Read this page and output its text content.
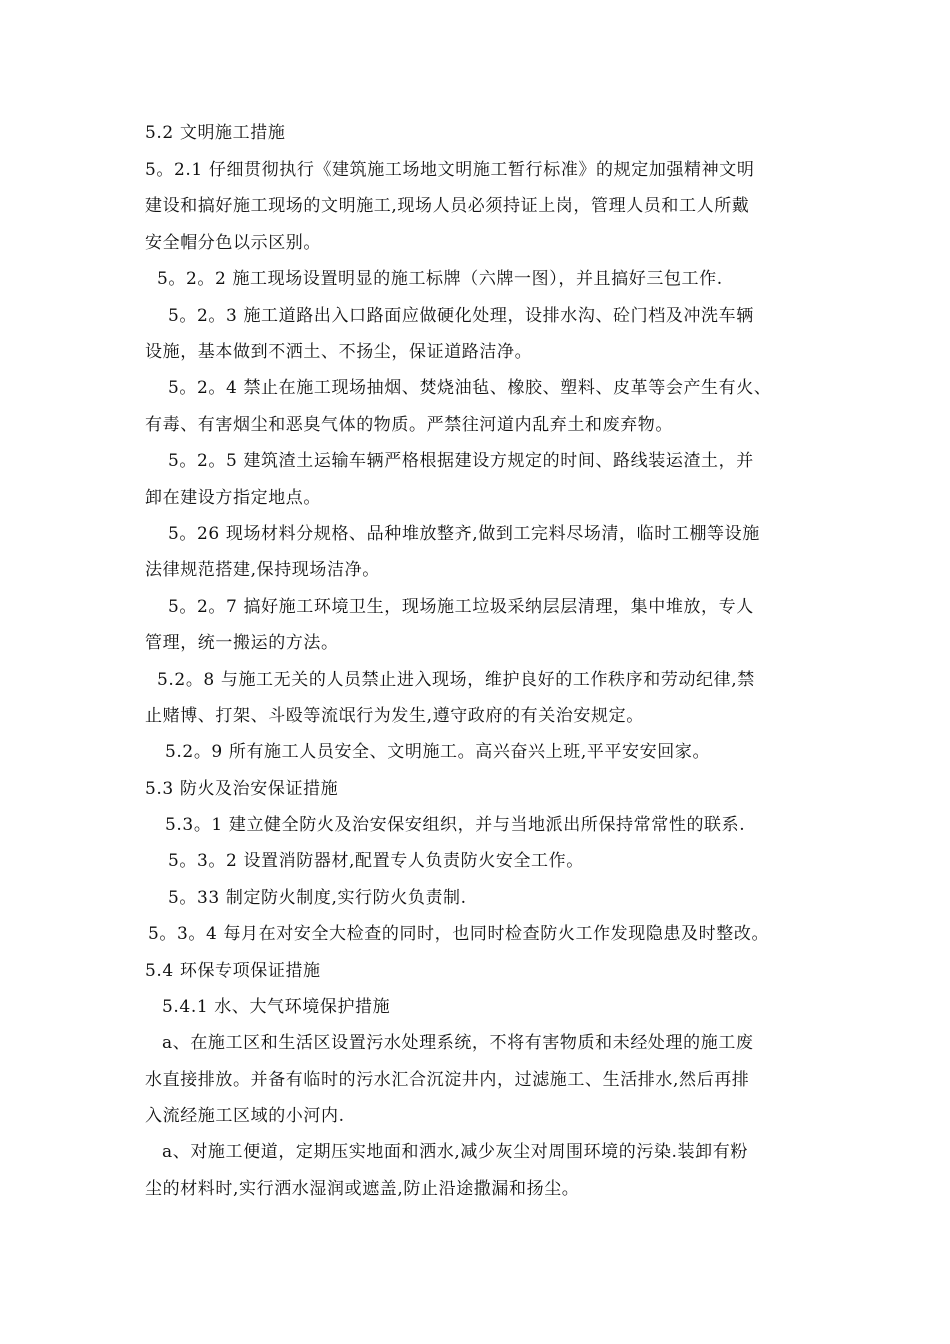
5.2 文明施工措施
5。2.1 仔细贯彻执行《建筑施工场地文明施工暂行标准》的规定加强精神文明
建设和搞好施工现场的文明施工,现场人员必须持证上岗，管理人员和工人所戴
安全帽分色以示区别。
5。2。2 施工现场设置明显的施工标牌（六牌一图），并且搞好三包工作.
5。2。3 施工道路出入口路面应做硬化处理，设排水沟、砼门档及冲洗车辆
设施，基本做到不洒土、不扬尘，保证道路洁净。
5。2。4 禁止在施工现场抽烟、焚烧油毡、橡胶、塑料、皮革等会产生有火、
有毒、有害烟尘和恶臭气体的物质。严禁往河道内乱弃土和废弃物。
5。2。5 建筑渣土运输车辆严格根据建设方规定的时间、路线装运渣土，并
卸在建设方指定地点。
5。26 现场材料分规格、品种堆放整齐,做到工完料尽场清，临时工棚等设施
法律规范搭建,保持现场洁净。
5。2。7 搞好施工环境卫生，现场施工垃圾采纳层层清理，集中堆放，专人
管理，统一搬运的方法。
5.2。8 与施工无关的人员禁止进入现场，维护良好的工作秩序和劳动纪律,禁
止赌博、打架、斗殴等流氓行为发生,遵守政府的有关治安规定。
5.2。9 所有施工人员安全、文明施工。高兴奋兴上班,平平安安回家。
5.3 防火及治安保证措施
5.3。1 建立健全防火及治安保安组织，并与当地派出所保持常常性的联系.
5。3。2 设置消防器材,配置专人负责防火安全工作。
5。33 制定防火制度,实行防火负责制.
5。3。4 每月在对安全大检查的同时，也同时检查防火工作发现隐患及时整改。
5.4 环保专项保证措施
5.4.1 水、大气环境保护措施
a、在施工区和生活区设置污水处理系统，不将有害物质和未经处理的施工废
水直接排放。并备有临时的污水汇合沉淀井内，过滤施工、生活排水,然后再排
入流经施工区域的小河内.
a、对施工便道，定期压实地面和洒水,减少灰尘对周围环境的污染.装卸有粉
尘的材料时,实行洒水湿润或遮盖,防止沿途撒漏和扬尘。
